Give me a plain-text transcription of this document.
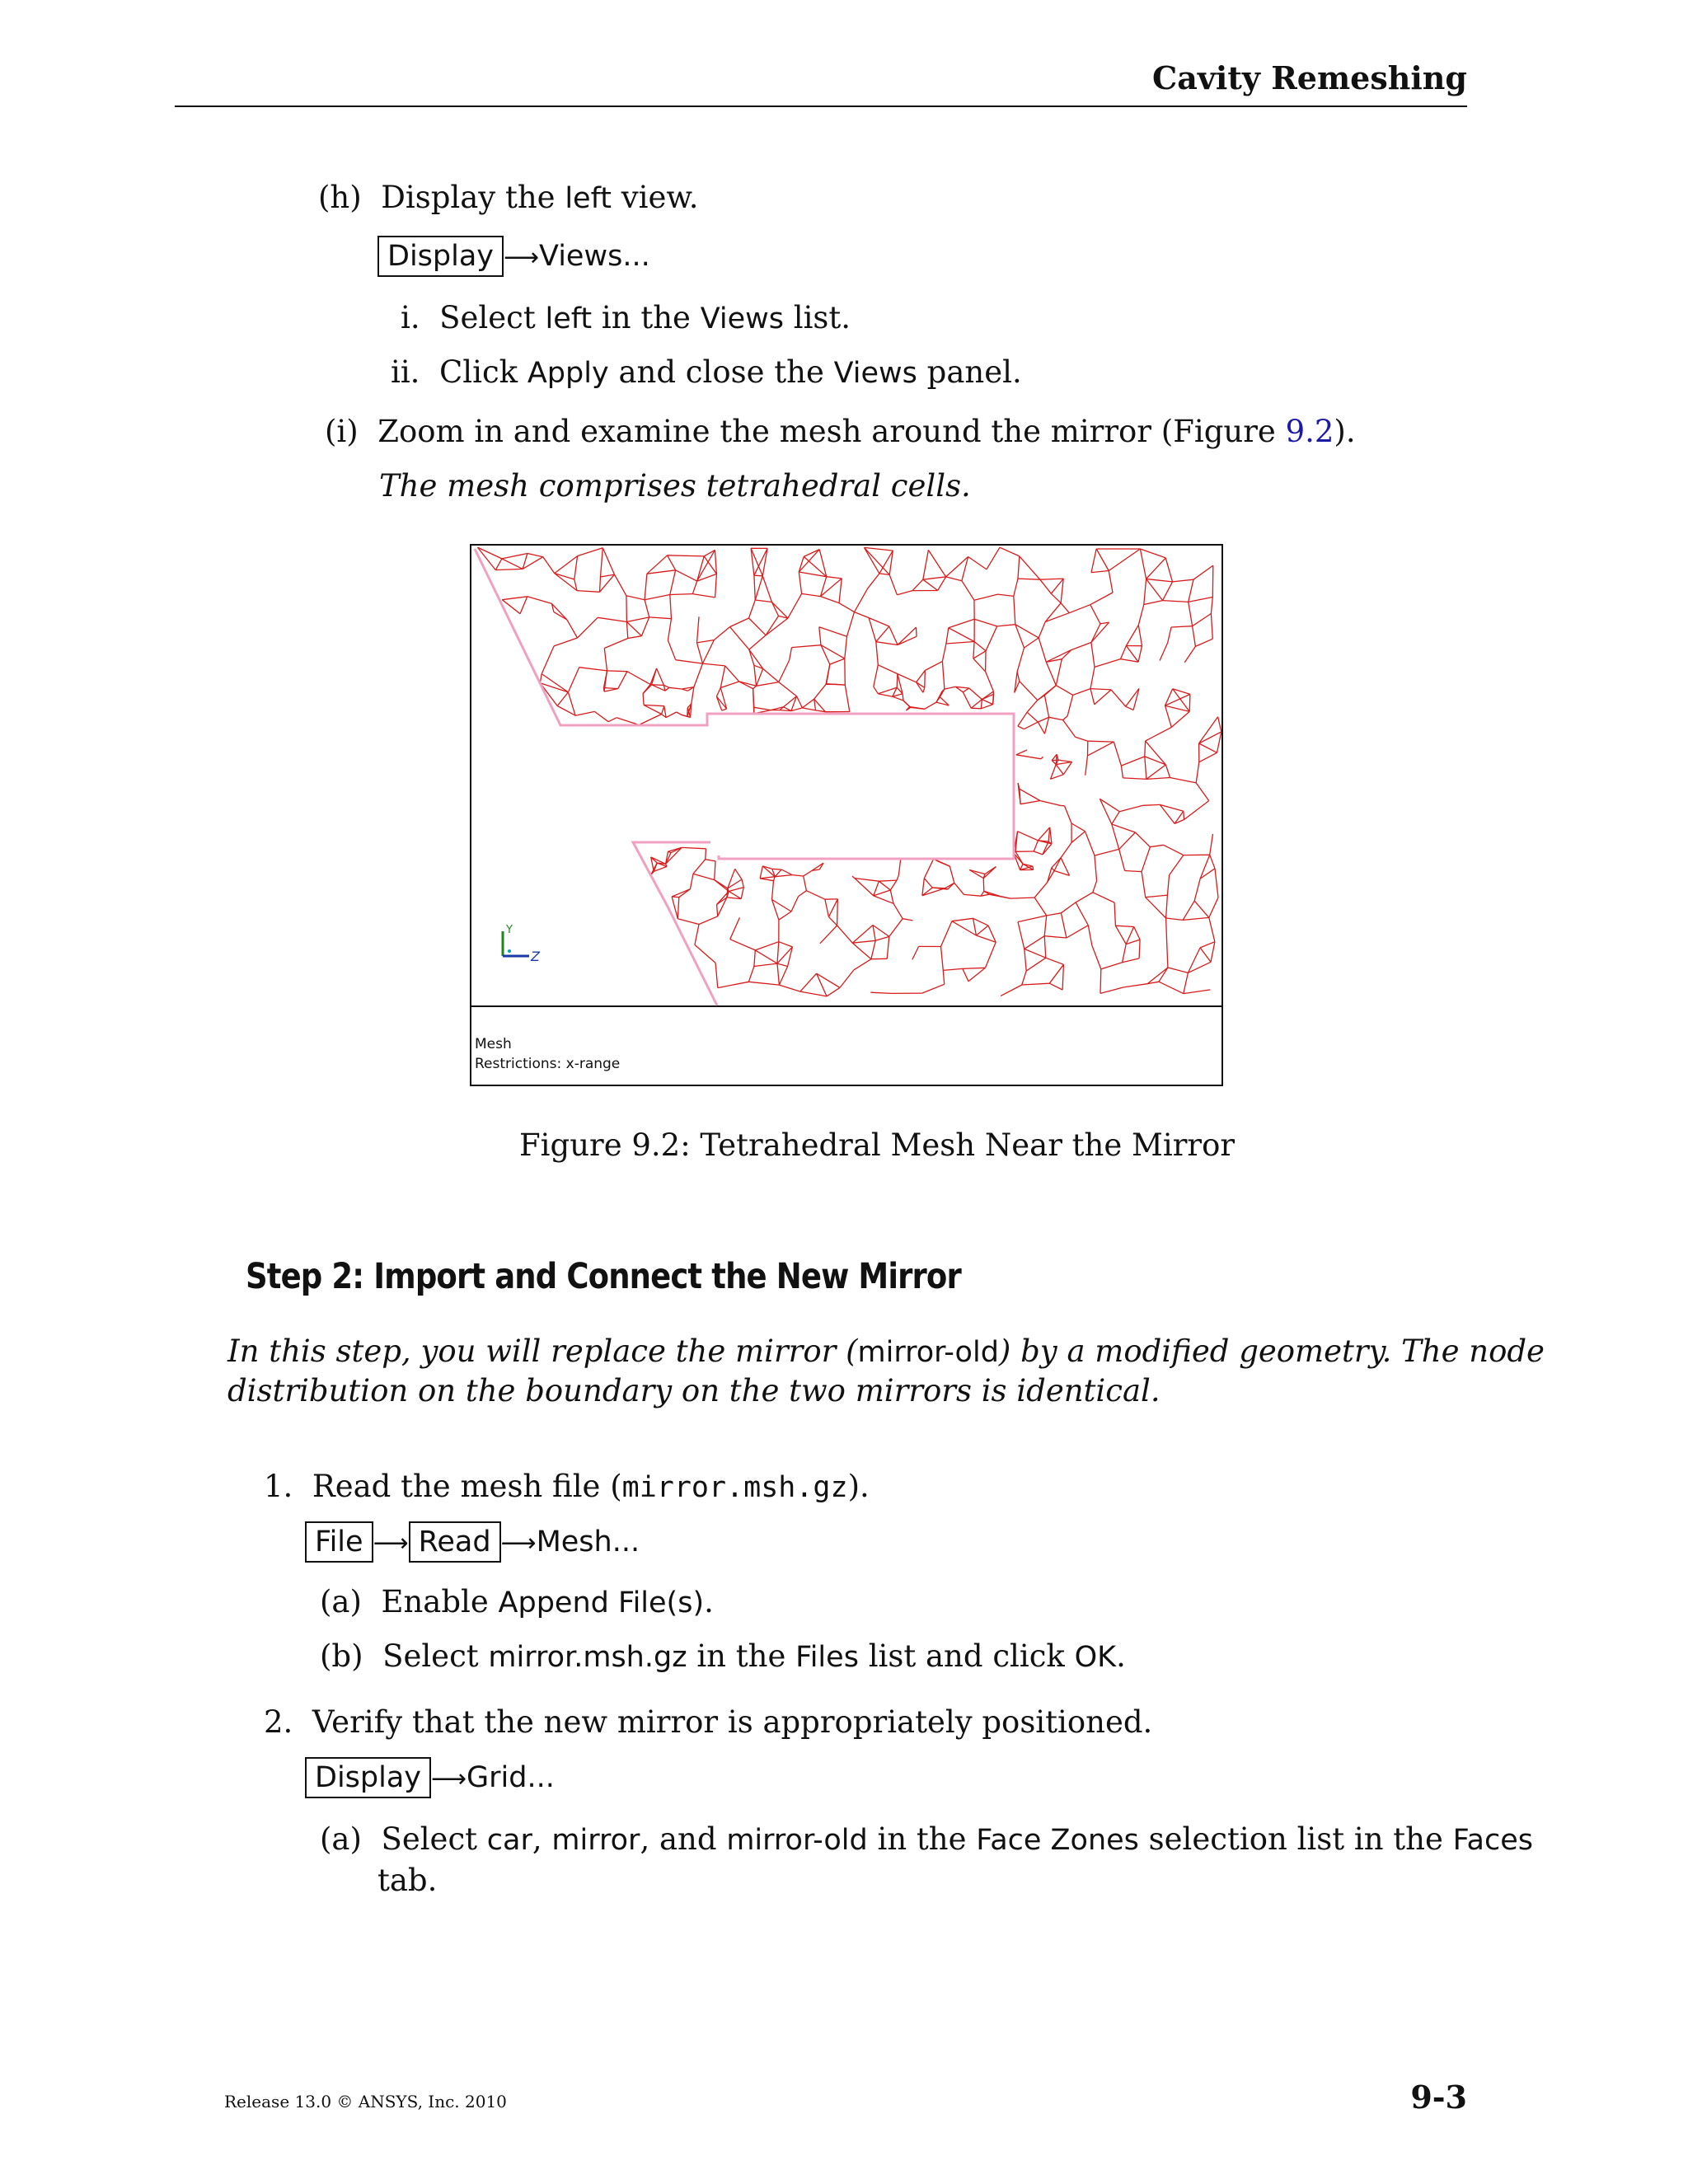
Cavity Remeshing
(h) Display the left view.
Display ⟶Views...
i. Select left in the Views list.
ii. Click Apply and close the Views panel.
(i) Zoom in and examine the mesh around the mirror (Figure 9.2).
The mesh comprises tetrahedral cells.
Y
Z
Mesh
Restrictions: x-range
Figure 9.2: Tetrahedral Mesh Near the Mirror
Step 2: Import and Connect the New Mirror
In this step, you will replace the mirror (mirror-old) by a modified geometry. The node
distribution on the boundary on the two mirrors is identical.
1. Read the mesh file (mirror.msh.gz).
File ⟶ Read ⟶Mesh...
(a) Enable Append File(s).
(b) Select mirror.msh.gz in the Files list and click OK.
2. Verify that the new mirror is appropriately positioned.
Display ⟶Grid...
(a) Select car, mirror, and mirror-old in the Face Zones selection list in the Faces
tab.
Release 13.0 © ANSYS, Inc. 2010	9-3
